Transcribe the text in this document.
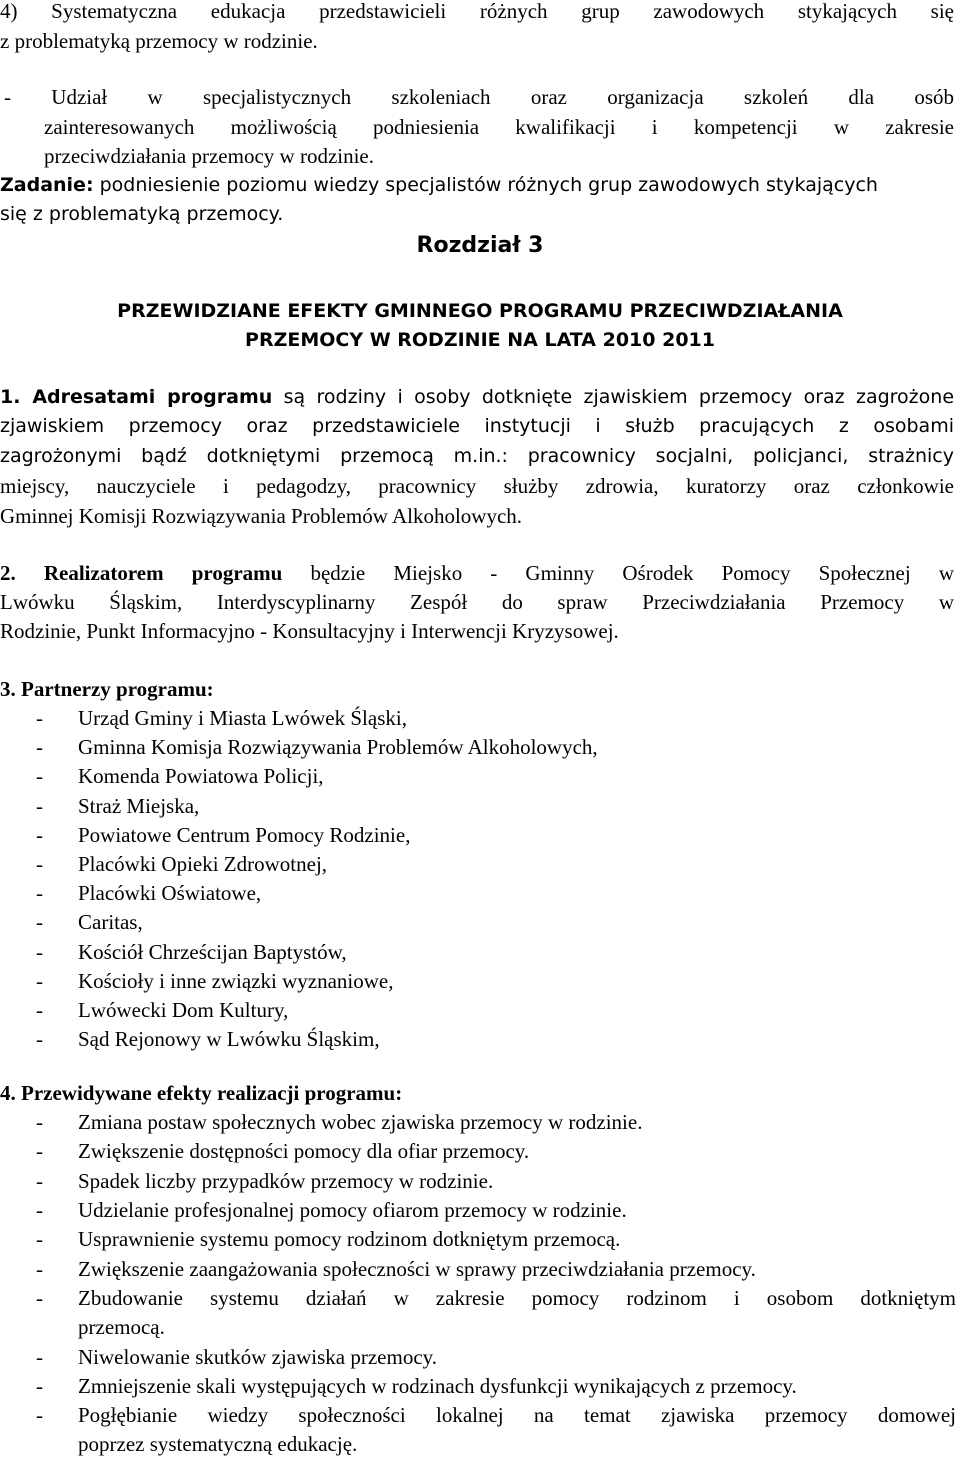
4) Systematyczna edukacja przedstawicieli różnych grup zawodowych stykających się
z problematyką przemocy w rodzinie.
- Udział w specjalistycznych szkoleniach oraz organizacja szkoleń dla osób
zainteresowanych możliwością podniesienia kwalifikacji i kompetencji w zakresie
przeciwdziałania przemocy w rodzinie.
Zadanie: podniesienie poziomu wiedzy specjalistów różnych grup zawodowych stykających
się z problematyką przemocy.
Rozdział 3
PRZEWIDZIANE EFEKTY GMINNEGO PROGRAMU PRZECIWDZIAŁANIA
PRZEMOCY W RODZINIE NA LATA 2010 2011
1. Adresatami programu są rodziny i osoby dotknięte zjawiskiem przemocy oraz zagrożone
zjawiskiem przemocy oraz przedstawiciele instytucji i służb pracujących z osobami
zagrożonymi bądź dotkniętymi przemocą m.in.: pracownicy socjalni, policjanci, strażnicy
miejscy, nauczyciele i pedagodzy, pracownicy służby zdrowia, kuratorzy oraz członkowie
Gminnej Komisji Rozwiązywania Problemów Alkoholowych.
2. Realizatorem programu będzie Miejsko - Gminny Ośrodek Pomocy Społecznej w
Lwówku Śląskim, Interdyscyplinarny Zespół do spraw Przeciwdziałania Przemocy w
Rodzinie, Punkt Informacyjno - Konsultacyjny i Interwencji Kryzysowej.
3. Partnerzy programu:
- Urząd Gminy i Miasta Lwówek Śląski,
- Gminna Komisja Rozwiązywania Problemów Alkoholowych,
- Komenda Powiatowa Policji,
- Straż Miejska,
- Powiatowe Centrum Pomocy Rodzinie,
- Placówki Opieki Zdrowotnej,
- Placówki Oświatowe,
- Caritas,
- Kościół Chrześcijan Baptystów,
- Kościoły i inne związki wyznaniowe,
- Lwówecki Dom Kultury,
- Sąd Rejonowy w Lwówku Śląskim,
4. Przewidywane efekty realizacji programu:
- Zmiana postaw społecznych wobec zjawiska przemocy w rodzinie.
- Zwiększenie dostępności pomocy dla ofiar przemocy.
- Spadek liczby przypadków przemocy w rodzinie.
- Udzielanie profesjonalnej pomocy ofiarom przemocy w rodzinie.
- Usprawnienie systemu pomocy rodzinom dotkniętym przemocą.
- Zwiększenie zaangażowania społeczności w sprawy przeciwdziałania przemocy.
- Zbudowanie systemu działań w zakresie pomocy rodzinom i osobom dotkniętym
przemocą.
- Niwelowanie skutków zjawiska przemocy.
- Zmniejszenie skali występujących w rodzinach dysfunkcji wynikających z przemocy.
- Pogłębianie wiedzy społeczności lokalnej na temat zjawiska przemocy domowej
poprzez systematyczną edukację.
